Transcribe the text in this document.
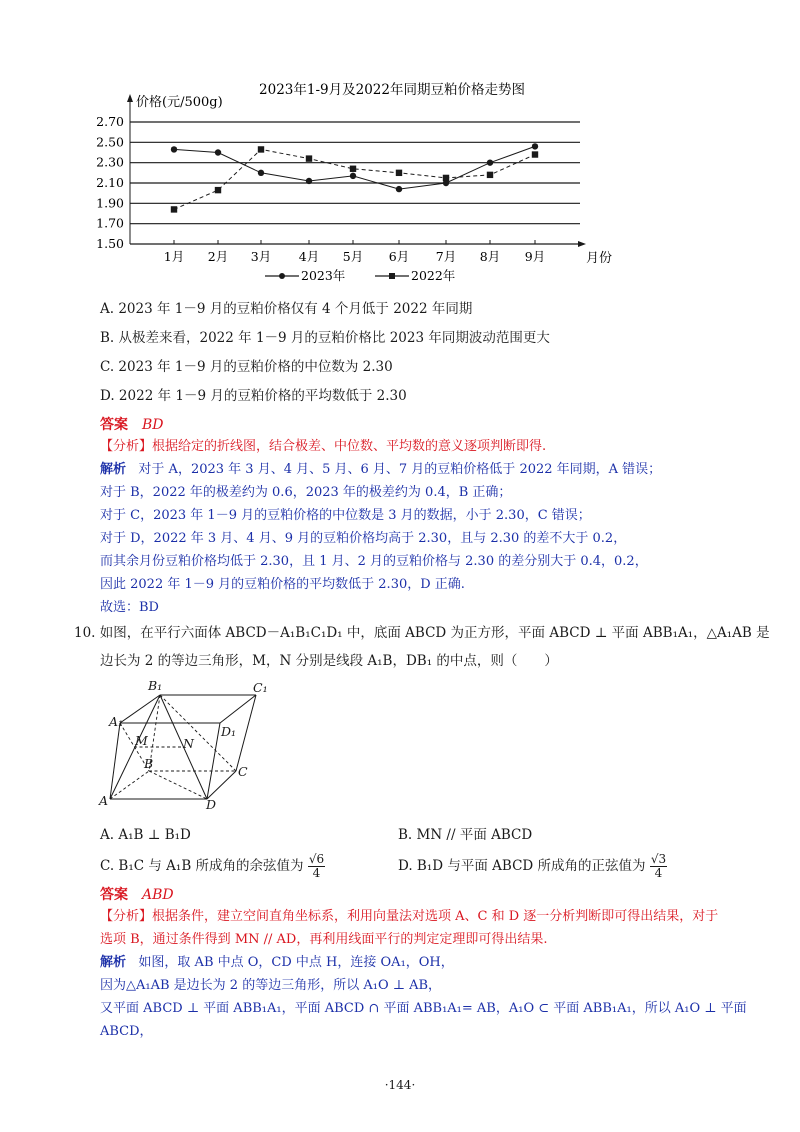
2023年1-9月及2022年同期豆粕价格走势图
价格(元/500g)
月份
1.50
1.70
1.90
2.10
2.30
2.50
2.70
1月 2月 3月 4月 5月 6月 7月 8月 9月
2023年	2022年
A. 2023 年 1－9 月的豆粕价格仅有 4 个月低于 2022 年同期
B. 从极差来看，2022 年 1－9 月的豆粕价格比 2023 年同期波动范围更大
C. 2023 年 1－9 月的豆粕价格的中位数为 2.30
D. 2022 年 1－9 月的豆粕价格的平均数低于 2.30
答案 BD
【分析】根据给定的折线图，结合极差、中位数、平均数的意义逐项判断即得.
解析 对于 A，2023 年 3 月、4 月、5 月、6 月、7 月的豆粕价格低于 2022 年同期，A 错误；
对于 B，2022 年的极差约为 0.6，2023 年的极差约为 0.4，B 正确；
对于 C，2023 年 1－9 月的豆粕价格的中位数是 3 月的数据，小于 2.30，C 错误；
对于 D，2022 年 3 月、4 月、9 月的豆粕价格均高于 2.30，且与 2.30 的差不大于 0.2，
而其余月份豆粕价格均低于 2.30，且 1 月、2 月的豆粕价格与 2.30 的差分别大于 0.4，0.2，
因此 2022 年 1－9 月的豆粕价格的平均数低于 2.30，D 正确.
故选：BD
10. 如图，在平行六面体 ABCD－A₁B₁C₁D₁ 中，底面 ABCD 为正方形，平面 ABCD ⊥ 平面 ABB₁A₁，△A₁AB 是
边长为 2 的等边三角形，M，N 分别是线段 A₁B，DB₁ 的中点，则（　　）
B₁	C₁
A₁
D₁
M	N
B
C
A	D
A. A₁B ⊥ B₁D	B. MN // 平面 ABCD
C. B₁C 与 A₁B 所成角的余弦值为 $\frac{√6}{4}$	D. B₁D 与平面 ABCD 所成角的正弦值为 $\frac{√3}{4}$
答案 ABD
【分析】根据条件，建立空间直角坐标系，利用向量法对选项 A、C 和 D 逐一分析判断即可得出结果，对于
选项 B，通过条件得到 MN // AD，再利用线面平行的判定定理即可得出结果.
解析 如图，取 AB 中点 O，CD 中点 H，连接 OA₁，OH，
因为△A₁AB 是边长为 2 的等边三角形，所以 A₁O ⊥ AB，
又平面 ABCD ⊥ 平面 ABB₁A₁，平面 ABCD ∩ 平面 ABB₁A₁= AB，A₁O ⊂ 平面 ABB₁A₁，所以 A₁O ⊥ 平面
ABCD，
·144·
